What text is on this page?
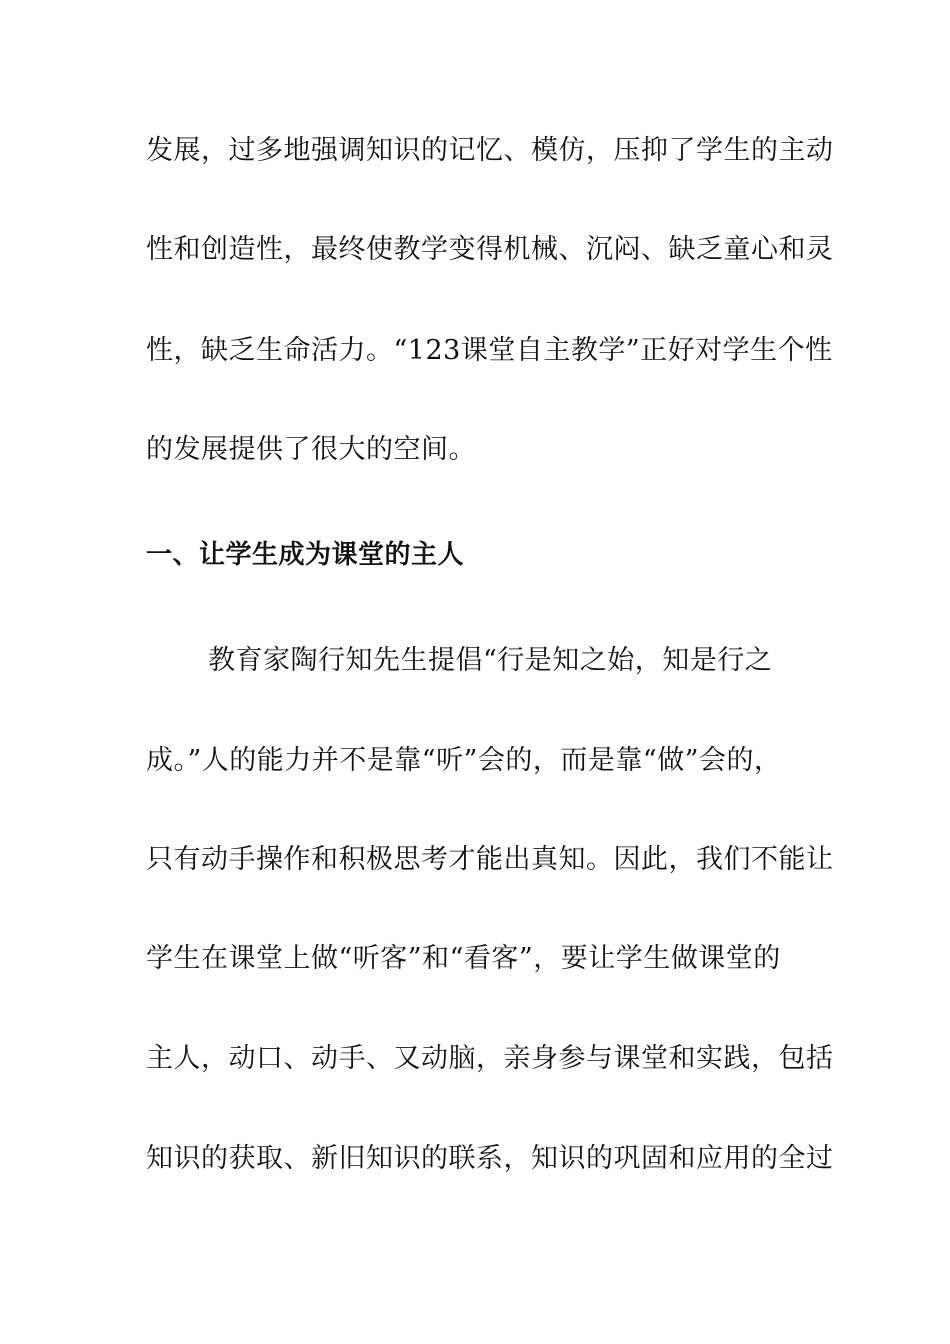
发展，过多地强调知识的记忆、模仿，压抑了学生的主动
性和创造性，最终使教学变得机械、沉闷、缺乏童心和灵
性，缺乏生命活力。“123课堂自主教学”正好对学生个性
的发展提供了很大的空间。
一、让学生成为课堂的主人
教育家陶行知先生提倡“行是知之始，知是行之
成。”人的能力并不是靠“听”会的，而是靠“做”会的，
只有动手操作和积极思考才能出真知。因此，我们不能让
学生在课堂上做“听客”和“看客”，要让学生做课堂的
主人，动口、动手、又动脑，亲身参与课堂和实践，包括
知识的获取、新旧知识的联系，知识的巩固和应用的全过
